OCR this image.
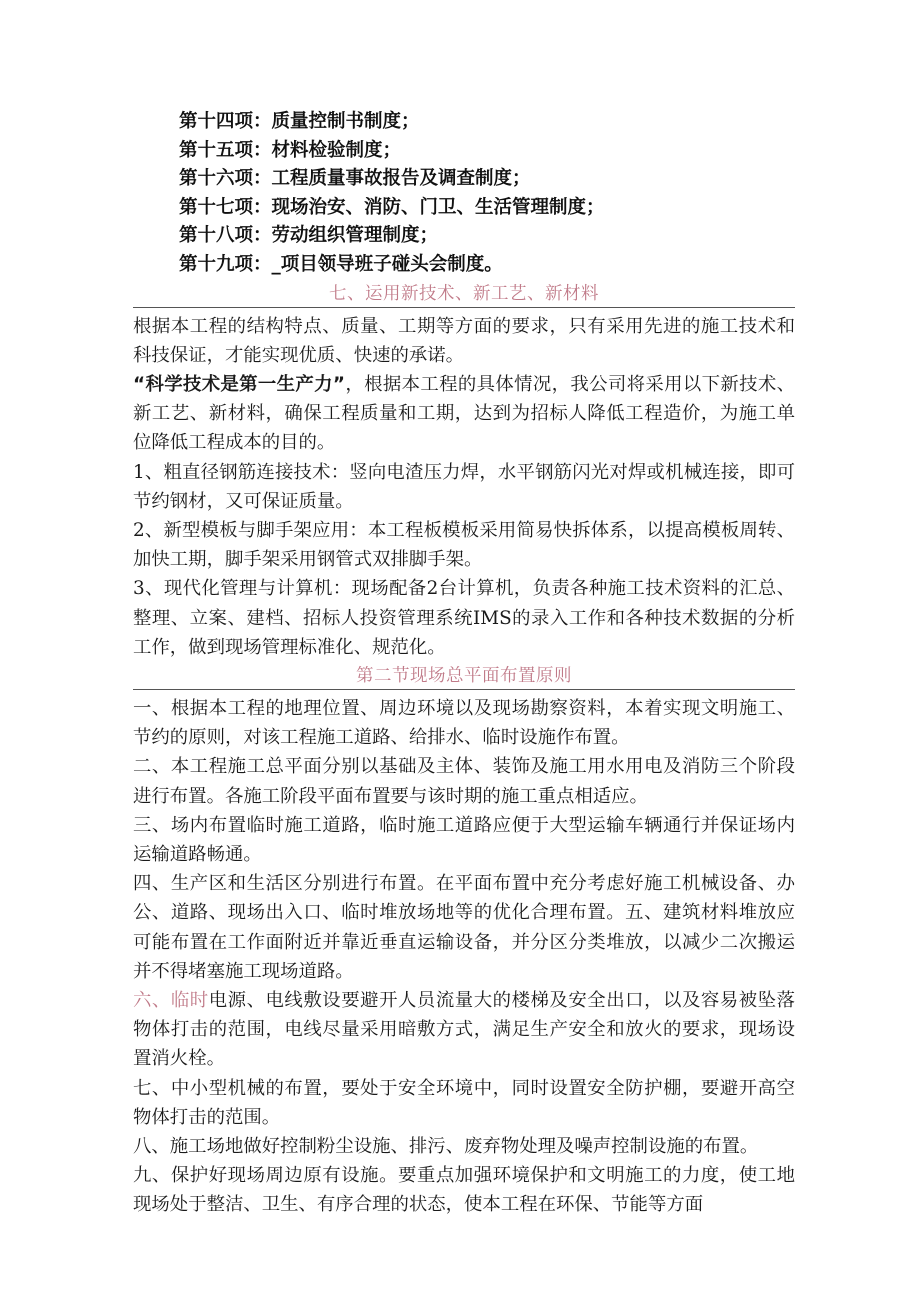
第十四项：质量控制书制度；
第十五项：材料检验制度；
第十六项：工程质量事故报告及调查制度；
第十七项：现场治安、消防、门卫、生活管理制度；
第十八项：劳动组织管理制度；
第十九项：_项目领导班子碰头会制度。
七、运用新技术、新工艺、新材料

根据本工程的结构特点、质量、工期等方面的要求，只有采用先进的施工技术和科技保证，才能实现优质、快速的承诺。

“科学技术是第一生产力”，根据本工程的具体情况，我公司将采用以下新技术、新工艺、新材料，确保工程质量和工期，达到为招标人降低工程造价，为施工单位降低工程成本的目的。

1、粗直径钢筋连接技术：竖向电渣压力焊，水平钢筋闪光对焊或机械连接，即可节约钢材，又可保证质量。

2、新型模板与脚手架应用：本工程板模板采用简易快拆体系，以提高模板周转、加快工期，脚手架采用钢管式双排脚手架。

3、现代化管理与计算机：现场配备2台计算机，负责各种施工技术资料的汇总、整理、立案、建档、招标人投资管理系统IMS的录入工作和各种技术数据的分析工作，做到现场管理标准化、规范化。

第二节现场总平面布置原则

一、根据本工程的地理位置、周边环境以及现场勘察资料，本着实现文明施工、节约的原则，对该工程施工道路、给排水、临时设施作布置。

二、本工程施工总平面分别以基础及主体、装饰及施工用水用电及消防三个阶段进行布置。各施工阶段平面布置要与该时期的施工重点相适应。

三、场内布置临时施工道路，临时施工道路应便于大型运输车辆通行并保证场内运输道路畅通。

四、生产区和生活区分别进行布置。在平面布置中充分考虑好施工机械设备、办公、道路、现场出入口、临时堆放场地等的优化合理布置。五、建筑材料堆放应可能布置在工作面附近并靠近垂直运输设备，并分区分类堆放，以减少二次搬运并不得堵塞施工现场道路。

六、临时电源、电线敷设要避开人员流量大的楼梯及安全出口，以及容易被坠落物体打击的范围，电线尽量采用暗敷方式，满足生产安全和放火的要求，现场设置消火栓。

七、中小型机械的布置，要处于安全环境中，同时设置安全防护棚，要避开高空物体打击的范围。

八、施工场地做好控制粉尘设施、排污、废弃物处理及噪声控制设施的布置。

九、保护好现场周边原有设施。要重点加强环境保护和文明施工的力度，使工地现场处于整洁、卫生、有序合理的状态，使本工程在环保、节能等方面
